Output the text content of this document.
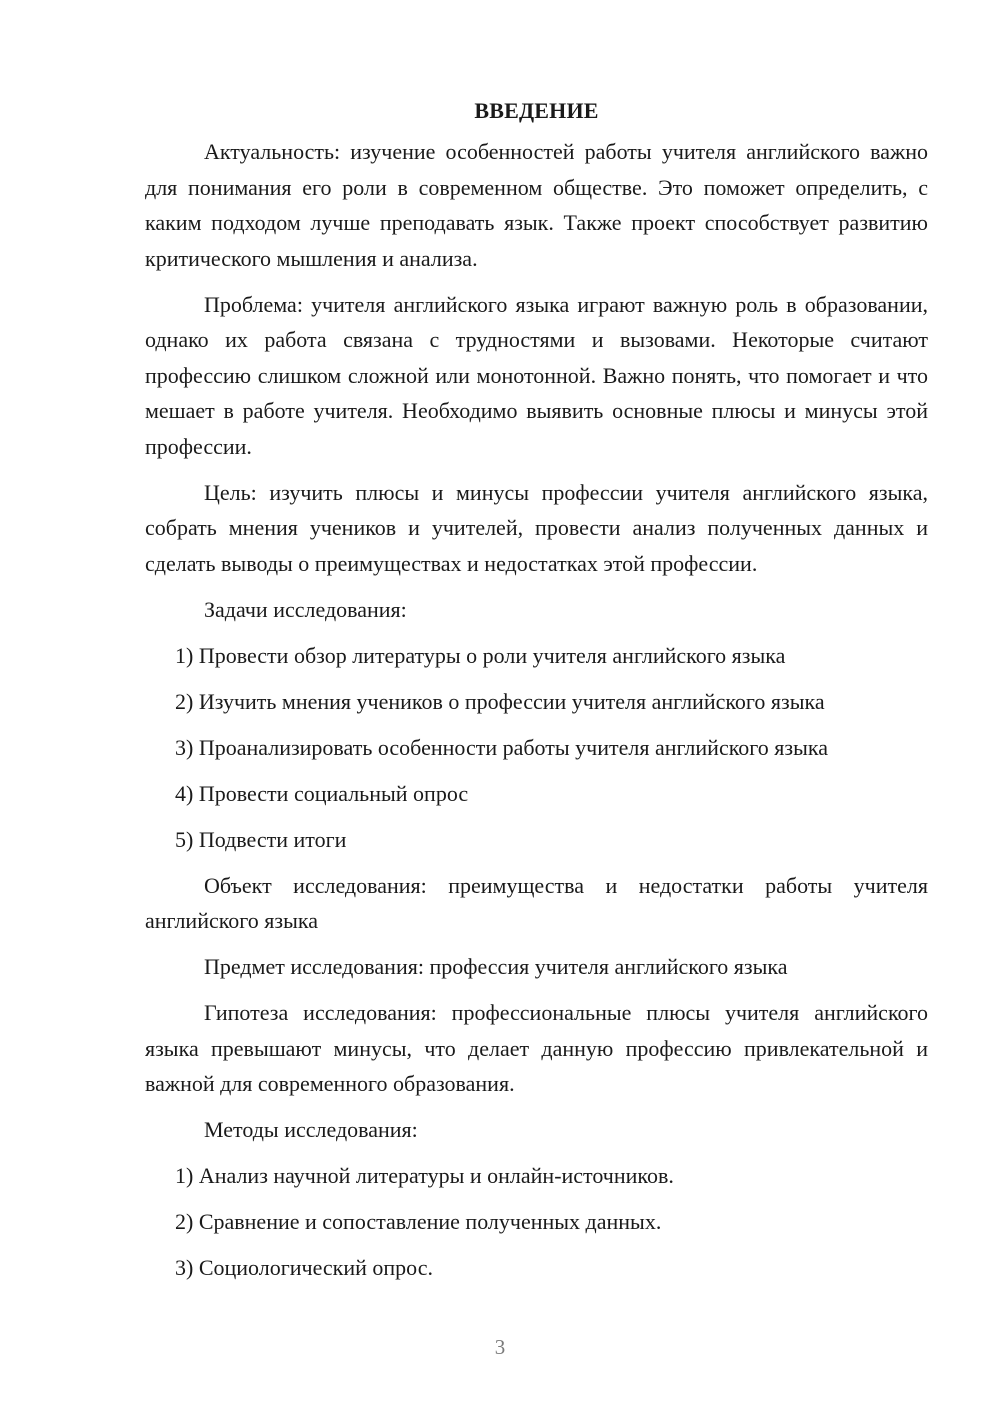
ВВЕДЕНИЕ

Актуальность: изучение особенностей работы учителя английского важно для понимания его роли в современном обществе. Это поможет определить, с каким подходом лучше преподавать язык. Также проект способствует развитию критического мышления и анализа.

Проблема: учителя английского языка играют важную роль в образовании, однако их работа связана с трудностями и вызовами. Некоторые считают профессию слишком сложной или монотонной. Важно понять, что помогает и что мешает в работе учителя. Необходимо выявить основные плюсы и минусы этой профессии.

Цель: изучить плюсы и минусы профессии учителя английского языка, собрать мнения учеников и учителей, провести анализ полученных данных и сделать выводы о преимуществах и недостатках этой профессии.

Задачи исследования:
1) Провести обзор литературы о роли учителя английского языка
2) Изучить мнения учеников о профессии учителя английского языка
3) Проанализировать особенности работы учителя английского языка
4) Провести социальный опрос
5) Подвести итоги

Объект исследования: преимущества и недостатки работы учителя английского языка

Предмет исследования: профессия учителя английского языка

Гипотеза исследования: профессиональные плюсы учителя английского языка превышают минусы, что делает данную профессию привлекательной и важной для современного образования.

Методы исследования:
1) Анализ научной литературы и онлайн-источников.
2) Сравнение и сопоставление полученных данных.
3) Социологический опрос.
3
